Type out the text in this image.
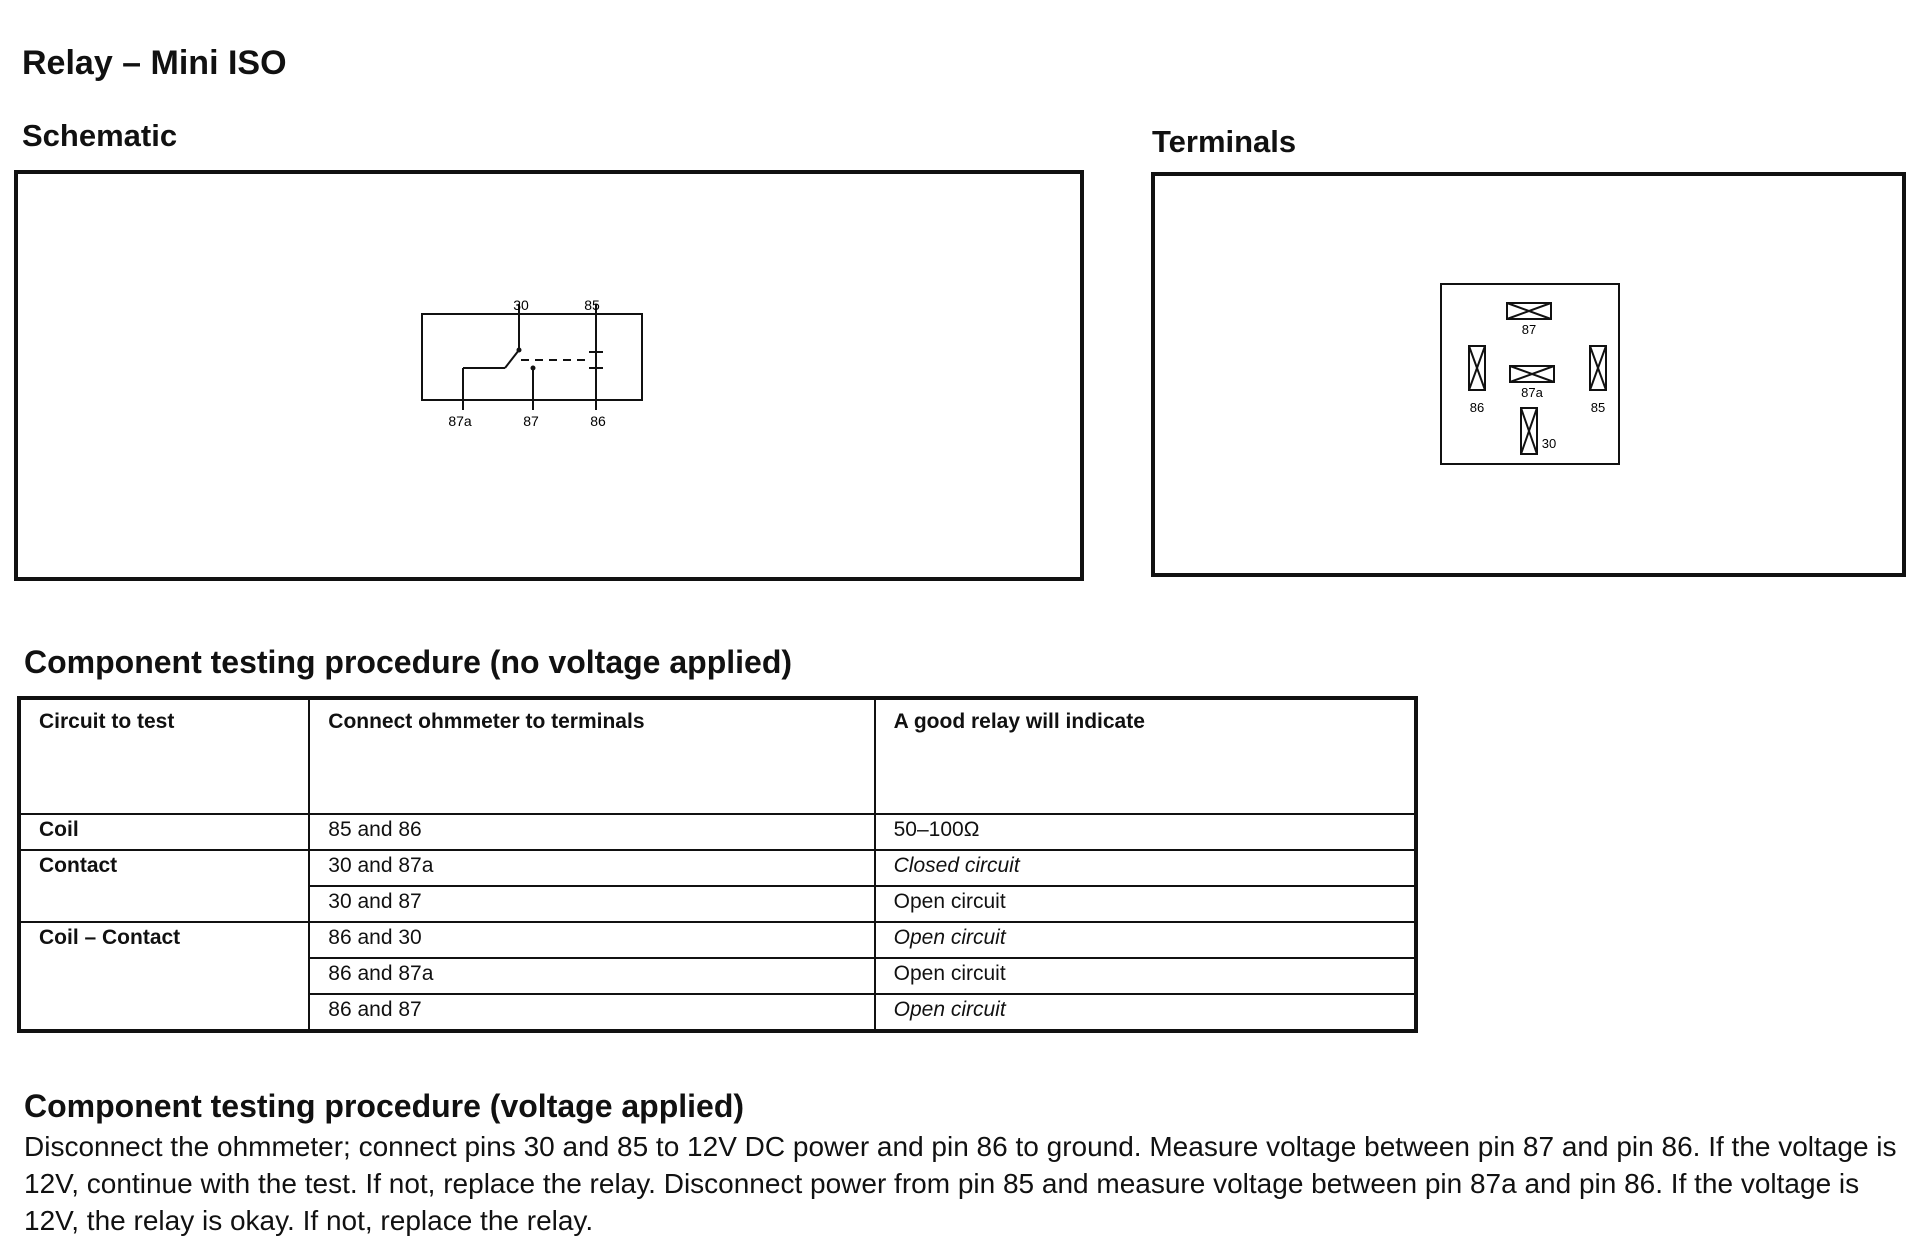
Relay – Mini ISO
Schematic
30	85
87a	87	86
Terminals
87
87a
86	85
30
Component testing procedure (no voltage applied)
Circuit to test	Connect ohmmeter to terminals	A good relay will indicate
Coil	85 and 86	50–100Ω
Contact	30 and 87a	Closed circuit
	30 and 87	Open circuit
Coil – Contact	86 and 30	Open circuit
	86 and 87a	Open circuit
	86 and 87	Open circuit
Component testing procedure (voltage applied)
Disconnect the ohmmeter; connect pins 30 and 85 to 12V DC power and pin 86 to ground. Measure voltage between pin 87 and pin 86. If the voltage is 12V, continue with the test. If not, replace the relay. Disconnect power from pin 85 and measure voltage between pin 87a and pin 86. If the voltage is 12V, the relay is okay. If not, replace the relay.
